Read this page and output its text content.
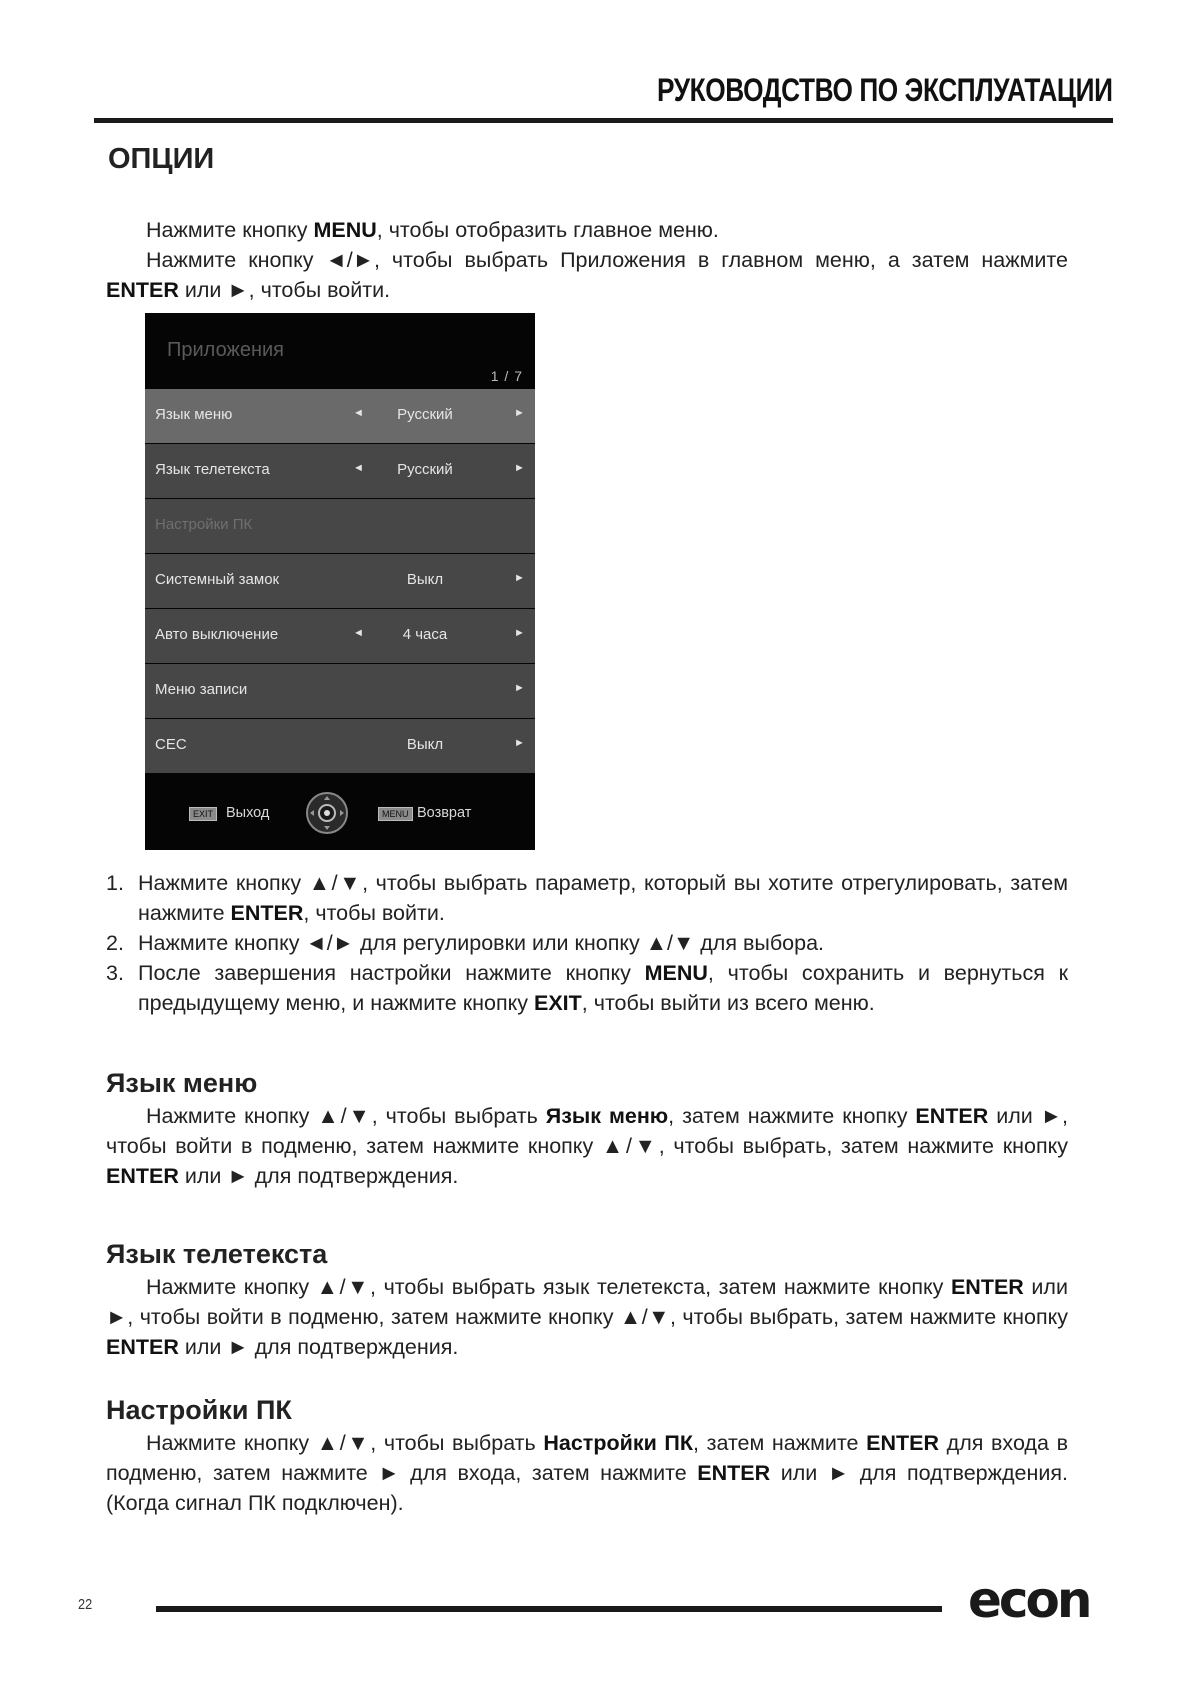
РУКОВОДСТВО ПО ЭКСПЛУАТАЦИИ
ОПЦИИ

Нажмите кнопку MENU, чтобы отобразить главное меню.

Нажмите кнопку ◄/►, чтобы выбрать Приложения в главном меню, а затем нажмите ENTER или ►, чтобы войти.

Приложения
1 / 7
Язык меню	◄	Русский	►
Язык телетекста	◄	Русский	►
Настройки ПК
Системный замок	Выкл	►
Авто выключение	◄	4 часа	►
Меню записи	►
CEC	Выкл	►
EXIT Выход	MENU Возврат
1. Нажмите кнопку ▲/▼, чтобы выбрать параметр, который вы хотите отрегулировать, затем нажмите ENTER, чтобы войти.
2. Нажмите кнопку ◄/► для регулировки или кнопку ▲/▼ для выбора.
3. После завершения настройки нажмите кнопку MENU, чтобы сохранить и вернуться к предыдущему меню, и нажмите кнопку EXIT, чтобы выйти из всего меню.
Язык меню

Нажмите кнопку ▲/▼, чтобы выбрать Язык меню, затем нажмите кнопку ENTER или ►, чтобы войти в подменю, затем нажмите кнопку ▲/▼, чтобы выбрать, затем нажмите кнопку ENTER или ► для подтверждения.

Язык телетекста

Нажмите кнопку ▲/▼, чтобы выбрать язык телетекста, затем нажмите кнопку ENTER или ►, чтобы войти в подменю, затем нажмите кнопку ▲/▼, чтобы выбрать, затем нажмите кнопку ENTER или ► для подтверждения.

Настройки ПК

Нажмите кнопку ▲/▼, чтобы выбрать Настройки ПК, затем нажмите ENTER для входа в подменю, затем нажмите ► для входа, затем нажмите ENTER или ► для подтверждения. (Когда сигнал ПК подключен).

22	econ
